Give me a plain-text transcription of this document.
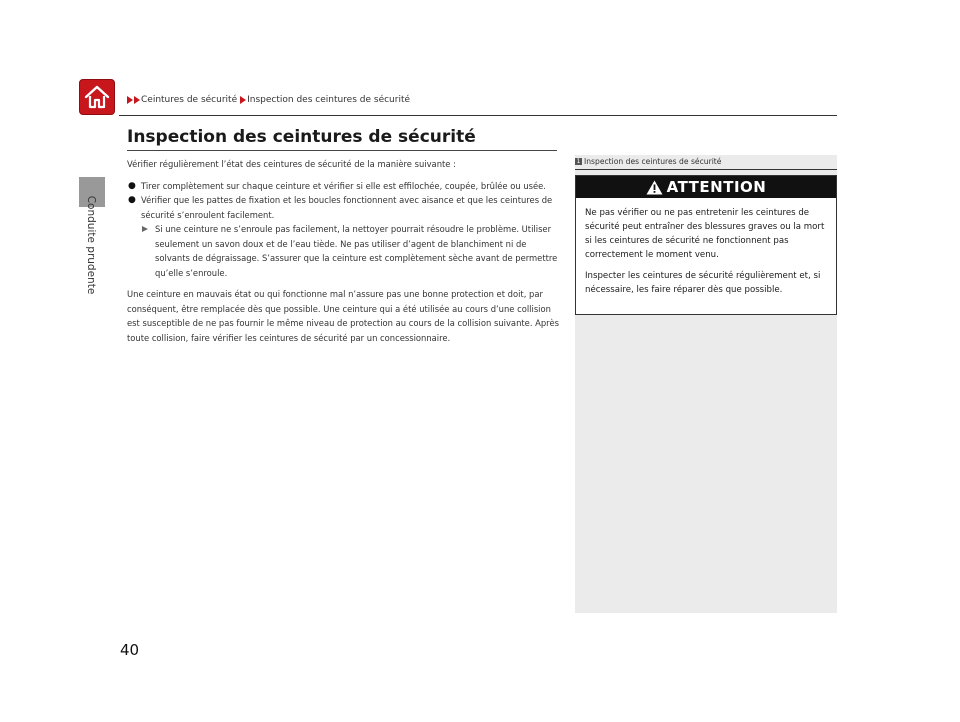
Conduite prudente
Ceintures de sécurité Inspection des ceintures de sécurité
Inspection des ceintures de sécurité

Vérifier régulièrement l’état des ceintures de sécurité de la manière suivante :

● Tirer complètement sur chaque ceinture et vérifier si elle est effilochée, coupée, brûlée ou usée.
● Vérifier que les pattes de fixation et les boucles fonctionnent avec aisance et que les ceintures de sécurité s’enroulent facilement.
Si une ceinture ne s’enroule pas facilement, la nettoyer pourrait résoudre le problème. Utiliser seulement un savon doux et de l’eau tiède. Ne pas utiliser d’agent de blanchiment ni de solvants de dégraissage. S’assurer que la ceinture est complètement sèche avant de permettre qu’elle s’enroule.

Une ceinture en mauvais état ou qui fonctionne mal n’assure pas une bonne protection et doit, par conséquent, être remplacée dès que possible. Une ceinture qui a été utilisée au cours d’une collision est susceptible de ne pas fournir le même niveau de protection au cours de la collision suivante. Après toute collision, faire vérifier les ceintures de sécurité par un concessionnaire.

1 Inspection des ceintures de sécurité
ATTENTION

Ne pas vérifier ou ne pas entretenir les ceintures de sécurité peut entraîner des blessures graves ou la mort si les ceintures de sécurité ne fonctionnent pas correctement le moment venu.

Inspecter les ceintures de sécurité régulièrement et, si nécessaire, les faire réparer dès que possible.

40
